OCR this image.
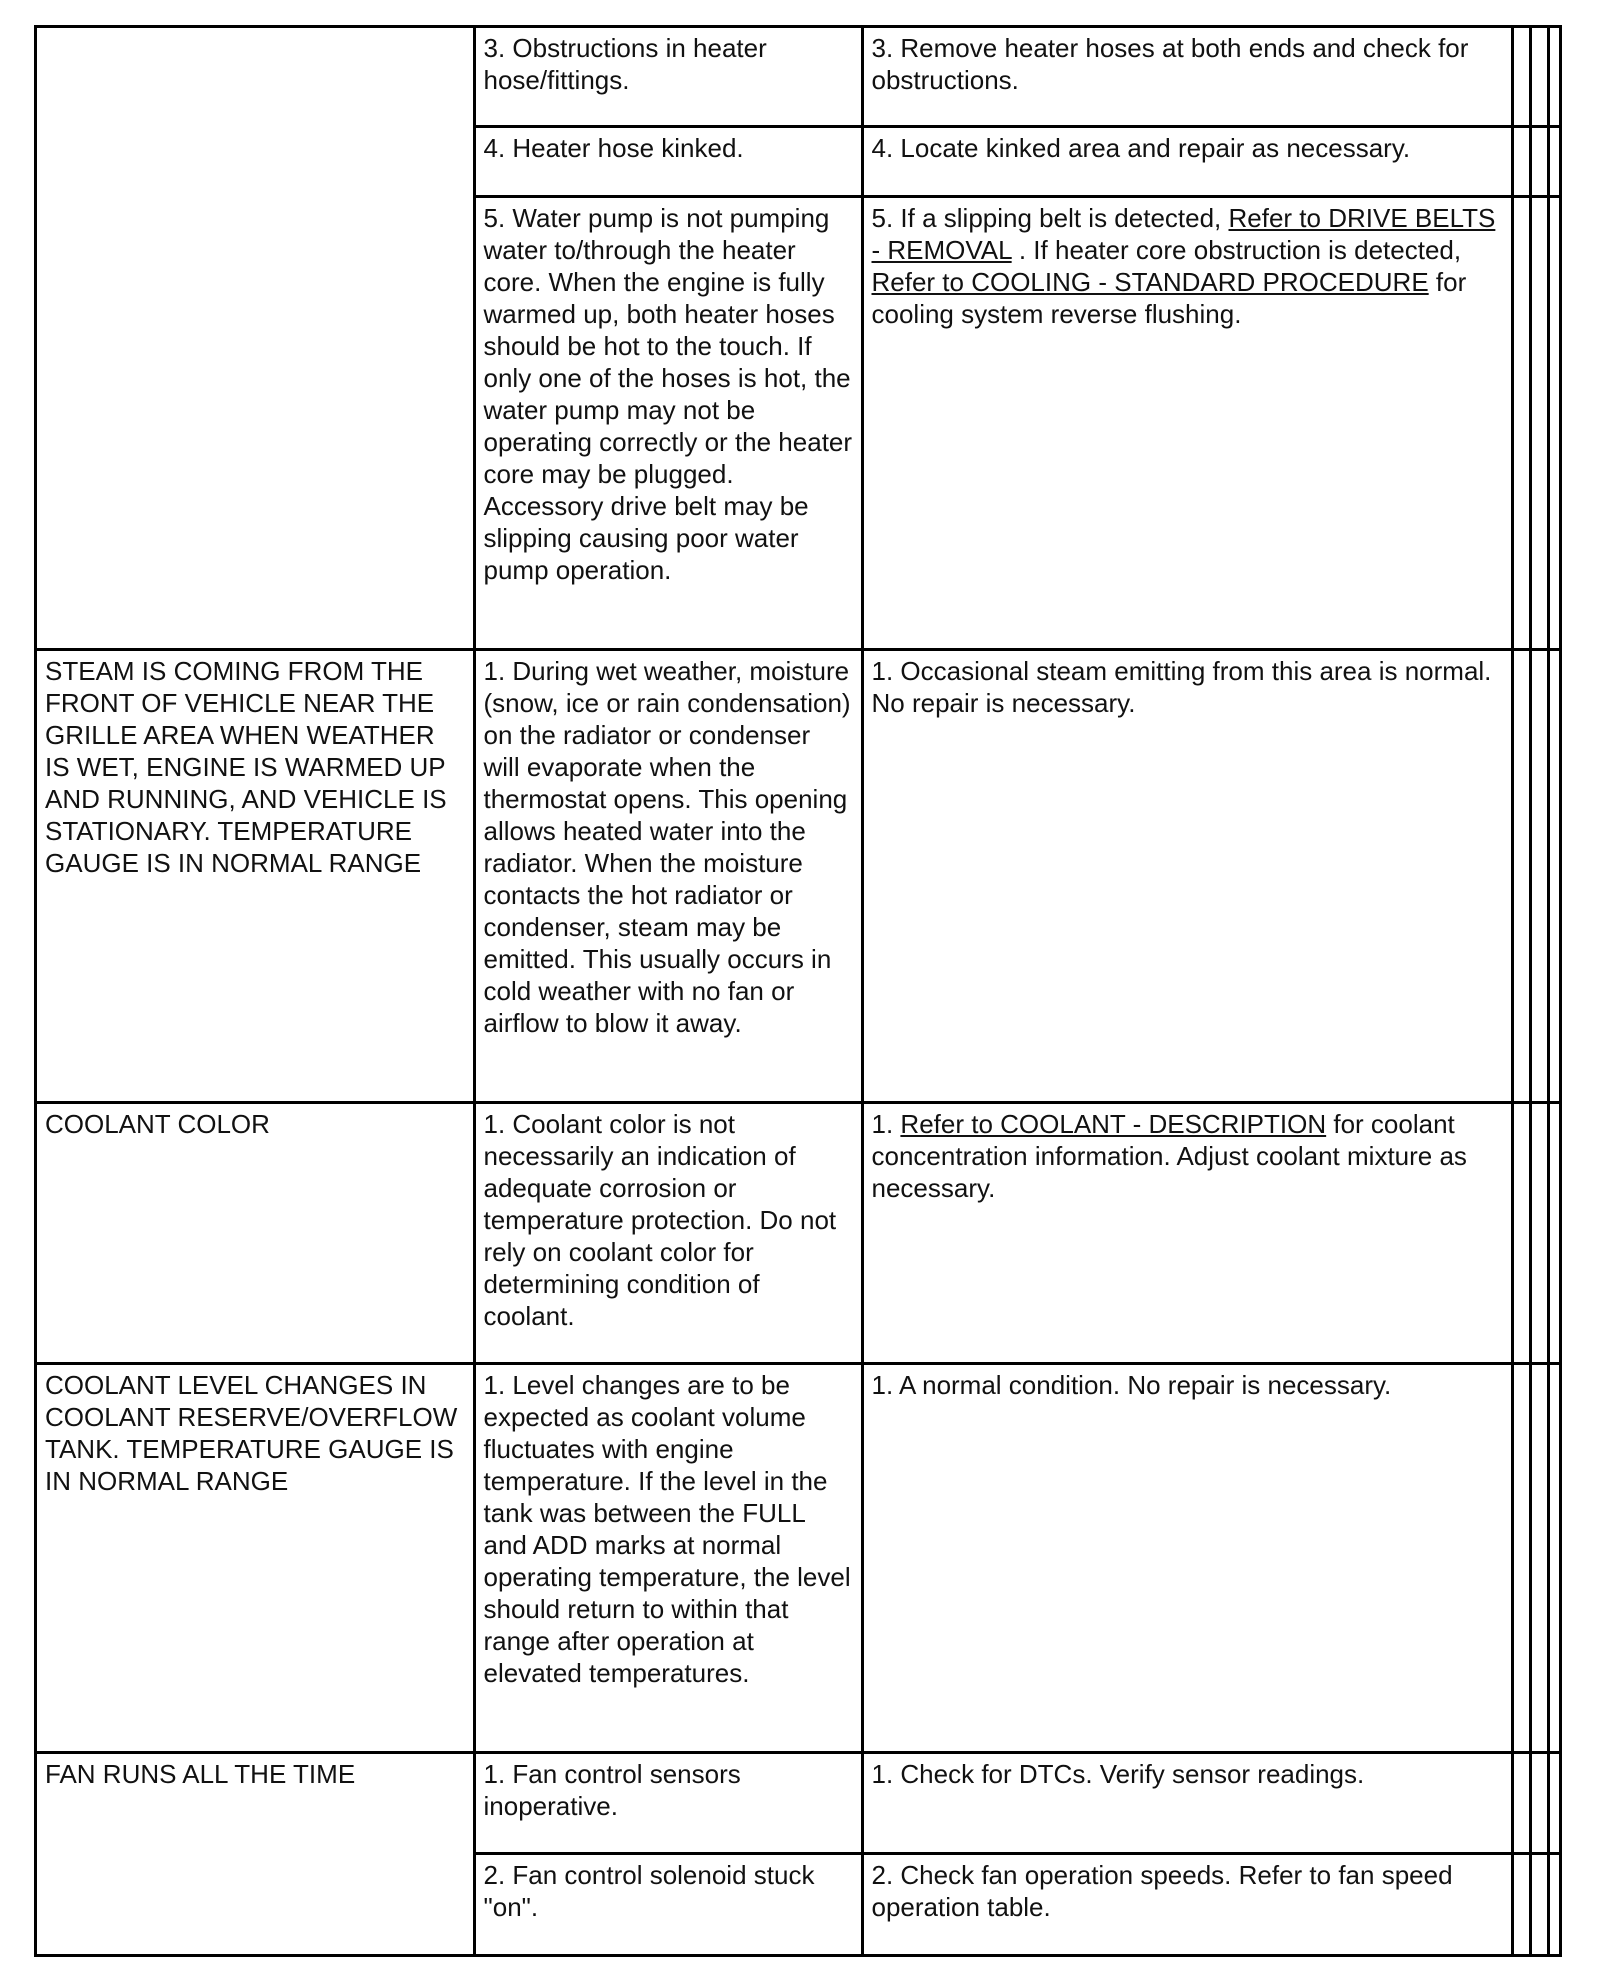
	3. Obstructions in heater hose/fittings.	3. Remove heater hoses at both ends and check for obstructions.			

	4. Heater hose kinked.	4. Locate kinked area and repair as necessary.			

	5. Water pump is not pumping water to/through the heater core. When the engine is fully warmed up, both heater hoses should be hot to the touch. If only one of the hoses is hot, the water pump may not be operating correctly or the heater core may be plugged. Accessory drive belt may be slipping causing poor water pump operation.	5. If a slipping belt is detected, Refer to DRIVE BELTS - REMOVAL . If heater core obstruction is detected, Refer to COOLING - STANDARD PROCEDURE for cooling system reverse flushing.			

STEAM IS COMING FROM THE FRONT OF VEHICLE NEAR THE GRILLE AREA WHEN WEATHER IS WET, ENGINE IS WARMED UP AND RUNNING, AND VEHICLE IS STATIONARY. TEMPERATURE GAUGE IS IN NORMAL RANGE	1. During wet weather, moisture (snow, ice or rain condensation) on the radiator or condenser will evaporate when the thermostat opens. This opening allows heated water into the radiator. When the moisture contacts the hot radiator or condenser, steam may be emitted. This usually occurs in cold weather with no fan or airflow to blow it away.	1. Occasional steam emitting from this area is normal. No repair is necessary.			

COOLANT COLOR	1. Coolant color is not necessarily an indication of adequate corrosion or temperature protection. Do not rely on coolant color for determining condition of coolant.	1. Refer to COOLANT - DESCRIPTION for coolant concentration information. Adjust coolant mixture as necessary.			

COOLANT LEVEL CHANGES IN COOLANT RESERVE/OVERFLOW TANK. TEMPERATURE GAUGE IS IN NORMAL RANGE	1. Level changes are to be expected as coolant volume fluctuates with engine temperature. If the level in the tank was between the FULL and ADD marks at normal operating temperature, the level should return to within that range after operation at elevated temperatures.	1. A normal condition. No repair is necessary.			

FAN RUNS ALL THE TIME	1. Fan control sensors inoperative.	1. Check for DTCs. Verify sensor readings.			

	2. Fan control solenoid stuck "on".	2. Check fan operation speeds. Refer to fan speed operation table.			
